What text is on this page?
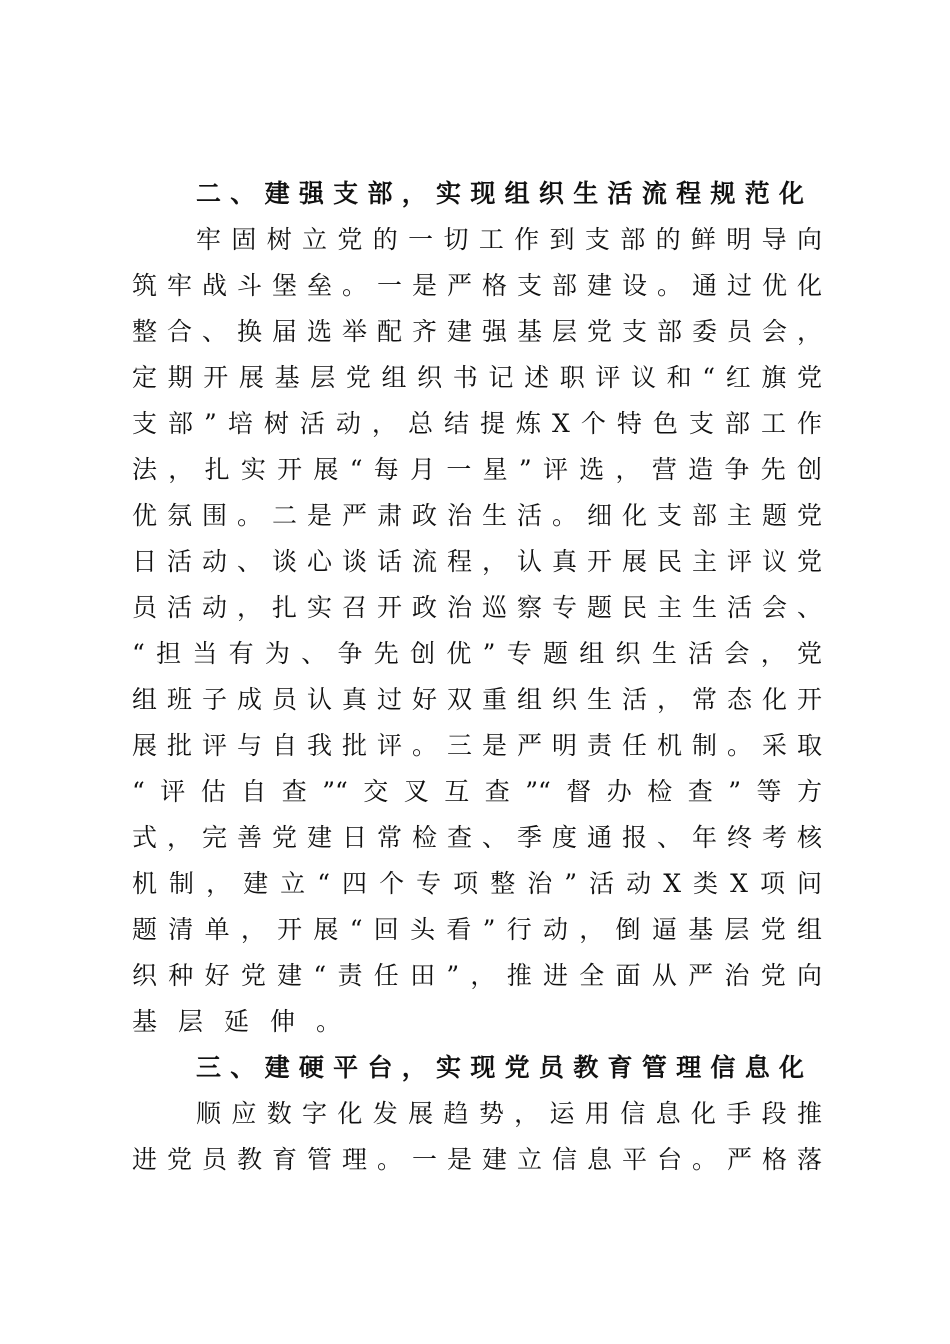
二、建强支部，实现组织生活流程规范化
牢固树立党的一切工作到支部的鲜明导向
筑牢战斗堡垒。一是严格支部建设。通过优化
整合、换届选举配齐建强基层党支部委员会，
定期开展基层党组织书记述职评议和“红旗党
支部”培树活动，总结提炼X个特色支部工作
法，扎实开展“每月一星”评选，营造争先创
优氛围。二是严肃政治生活。细化支部主题党
日活动、谈心谈话流程，认真开展民主评议党
员活动，扎实召开政治巡察专题民主生活会、
“担当有为、争先创优”专题组织生活会，党
组班子成员认真过好双重组织生活，常态化开
展批评与自我批评。三是严明责任机制。采取
“评估自查”“交叉互查”“督办检查”等方
式，完善党建日常检查、季度通报、年终考核
机制，建立“四个专项整治”活动X类X项问
题清单，开展“回头看”行动，倒逼基层党组
织种好党建“责任田”，推进全面从严治党向
基层延伸。
三、建硬平台，实现党员教育管理信息化
顺应数字化发展趋势，运用信息化手段推
进党员教育管理。一是建立信息平台。严格落
